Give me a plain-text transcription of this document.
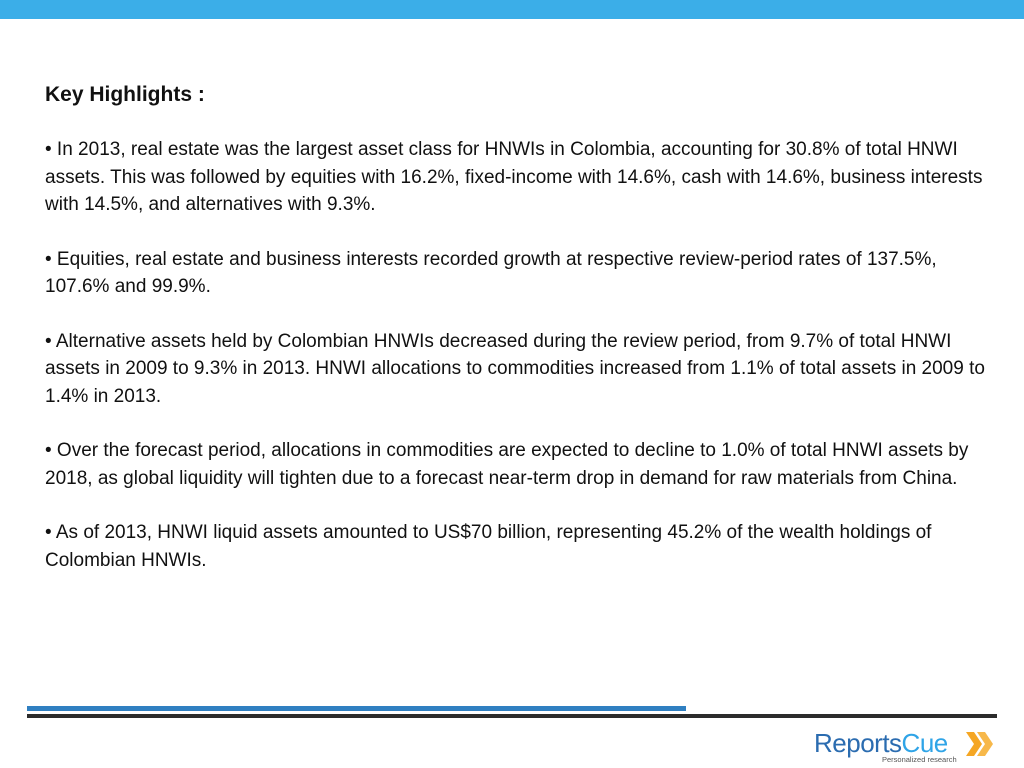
Key Highlights :
• In 2013, real estate was the largest asset class for HNWIs in Colombia, accounting for 30.8% of total HNWI assets. This was followed by equities with 16.2%, fixed-income with 14.6%, cash with 14.6%, business interests with 14.5%, and alternatives with 9.3%.
• Equities, real estate and business interests recorded growth at respective review-period rates of 137.5%, 107.6% and 99.9%.
• Alternative assets held by Colombian HNWIs decreased during the review period, from 9.7% of total HNWI assets in 2009 to 9.3% in 2013. HNWI allocations to commodities increased from 1.1% of total assets in 2009 to 1.4% in 2013.
• Over the forecast period, allocations in commodities are expected to decline to 1.0% of total HNWI assets by 2018, as global liquidity will tighten due to a forecast near-term drop in demand for raw materials from China.
• As of 2013, HNWI liquid assets amounted to US$70 billion, representing 45.2% of the wealth holdings of Colombian HNWIs.
ReportsCue
Personalized research
